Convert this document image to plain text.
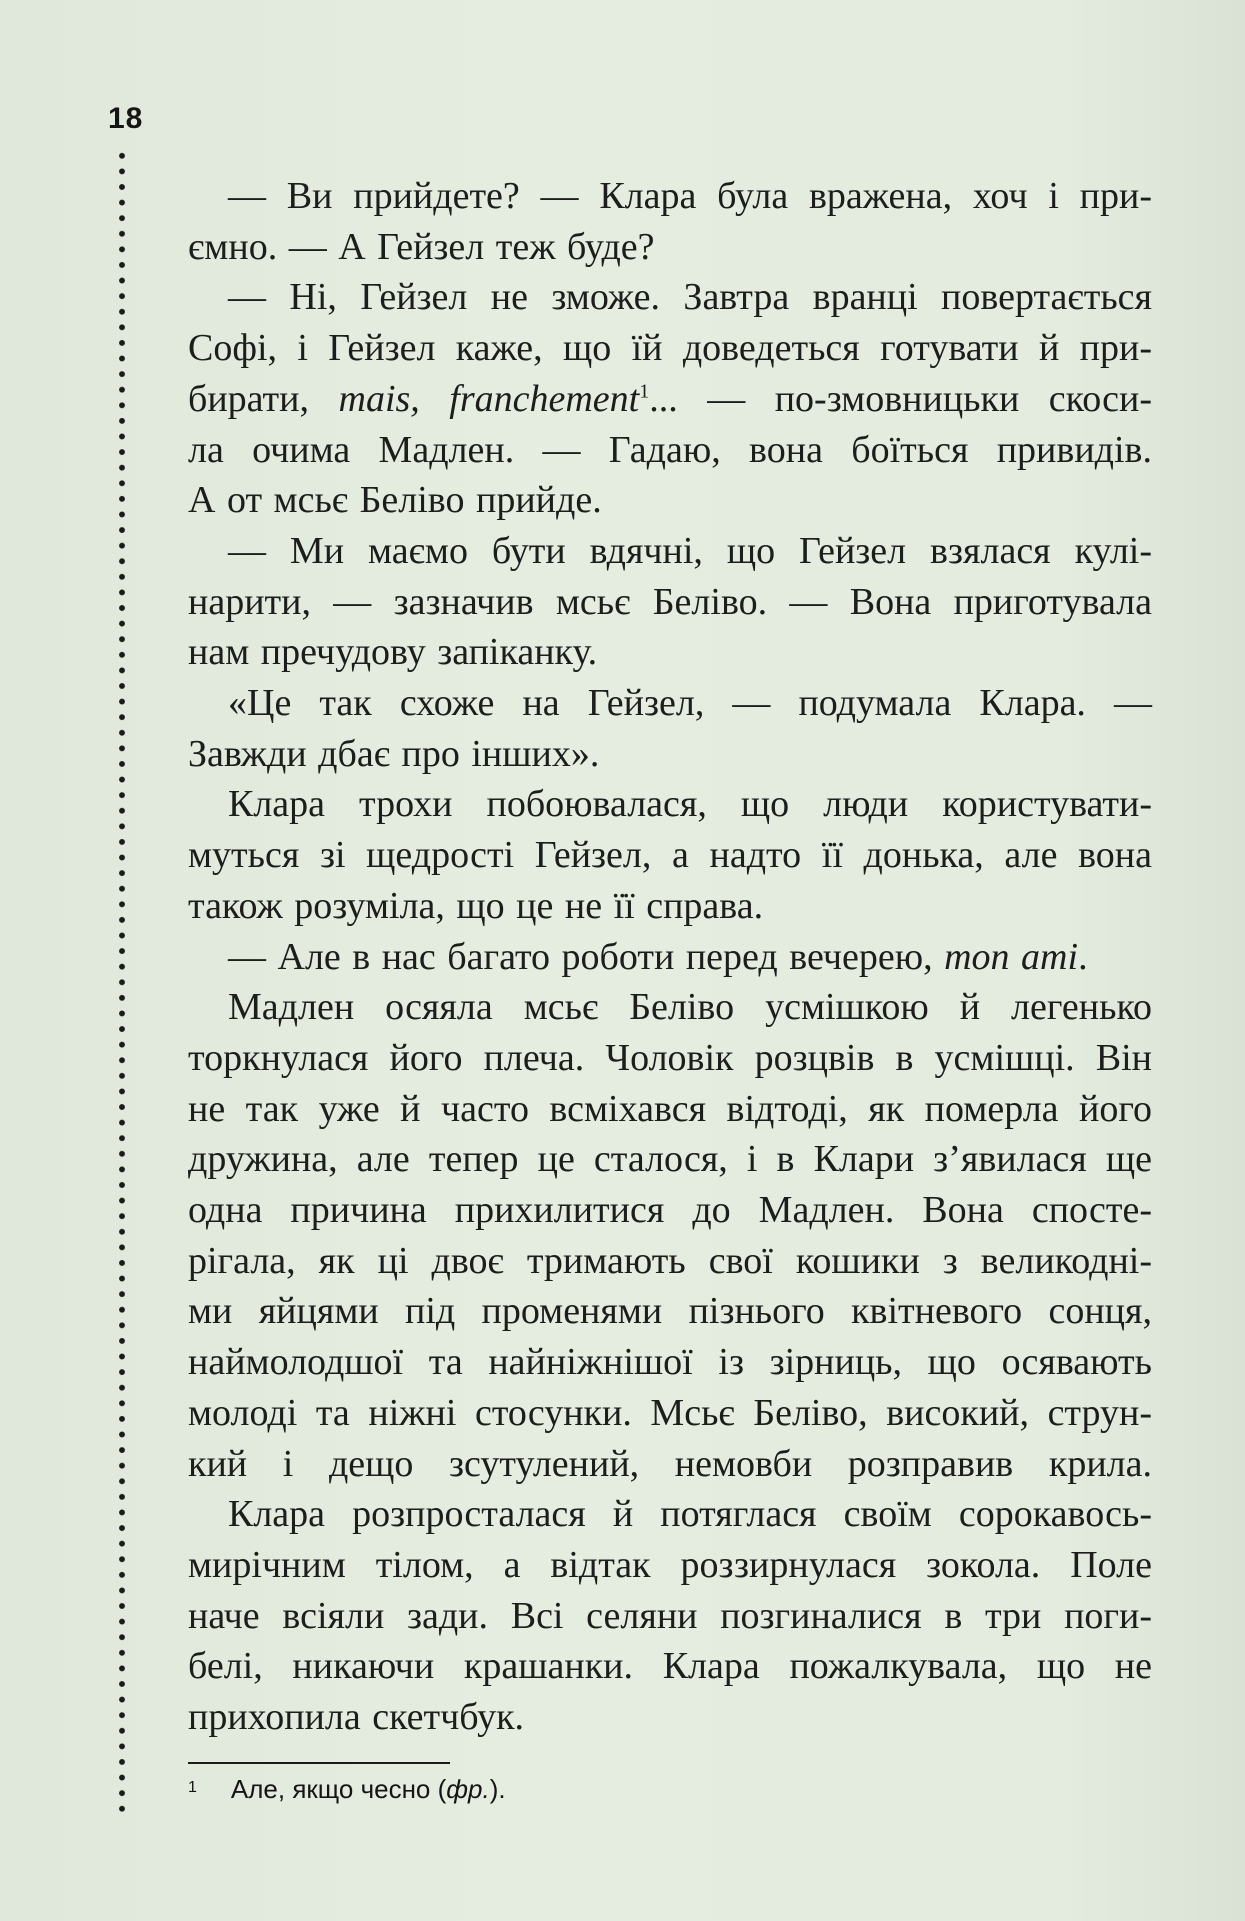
18
— Ви прийдете? — Клара була вражена, хоч і при-
ємно. — А Гейзел теж буде?
— Ні, Гейзел не зможе. Завтра вранці повертається
Софі, і Гейзел каже, що їй доведеться готувати й при-
бирати, mais, franchement$^1$... — по-змовницьки скоси-
ла очима Мадлен. — Гадаю, вона боїться привидів.
А от мсьє Беліво прийде.
— Ми маємо бути вдячні, що Гейзел взялася кулі-
нарити, — зазначив мсьє Беліво. — Вона приготувала
нам пречудову запіканку.
«Це так схоже на Гейзел, — подумала Клара. —
Завжди дбає про інших».
Клара трохи побоювалася, що люди користувати-
муться зі щедрості Гейзел, а надто її донька, але вона
також розуміла, що це не її справа.
— Але в нас багато роботи перед вечерею, mon ami.
Мадлен осяяла мсьє Беліво усмішкою й легенько
торкнулася його плеча. Чоловік розцвів в усмішці. Він
не так уже й часто всміхався відтоді, як померла його
дружина, але тепер це сталося, і в Клари з’явилася ще
одна причина прихилитися до Мадлен. Вона спосте-
рігала, як ці двоє тримають свої кошики з великодні-
ми яйцями під променями пізнього квітневого сонця,
наймолодшої та найніжнішої із зірниць, що осявають
молоді та ніжні стосунки. Мсьє Беліво, високий, струн-
кий і дещо зсутулений, немовби розправив крила.
Клара розпросталася й потяглася своїм сорокавось-
мирічним тілом, а відтак роззирнулася зокола. Поле
наче всіяли зади. Всі селяни позгиналися в три поги-
белі, никаючи крашанки. Клара пожалкувала, що не
прихопила скетчбук.
$^1$ Але, якщо чесно (фр.).
